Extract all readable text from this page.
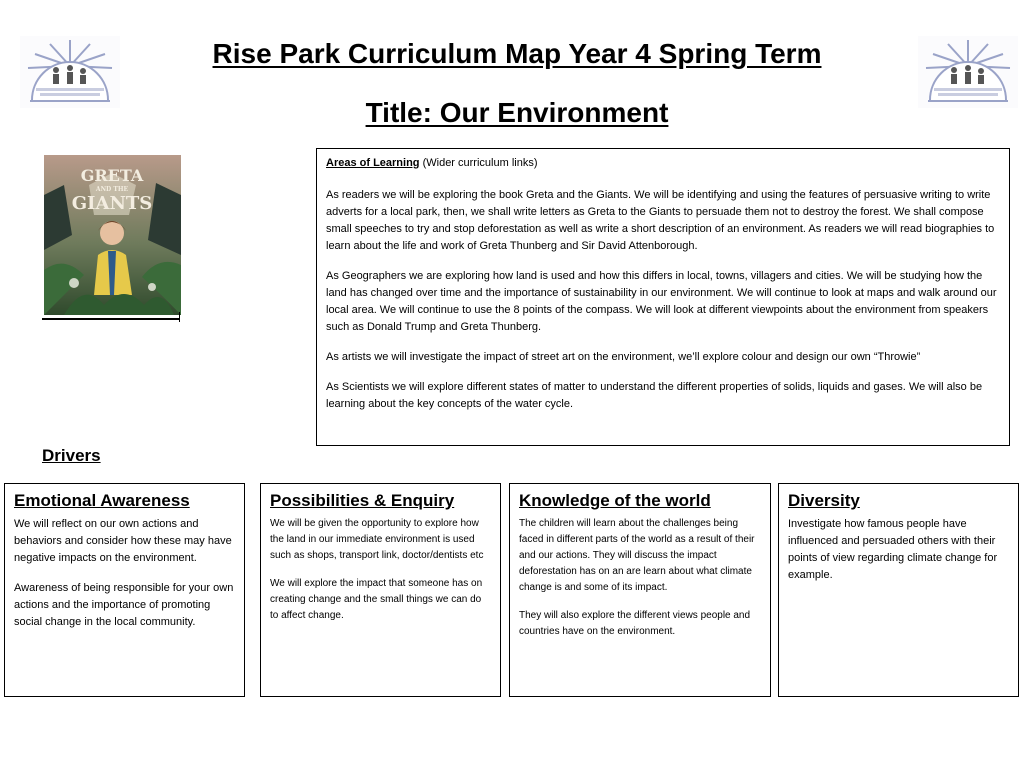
Rise Park Curriculum Map Year 4 Spring Term
Title: Our Environment
GRETA
AND THE
GIANTS

Areas of Learning (Wider curriculum links)

As readers we will be exploring the book Greta and the Giants. We will be identifying and using the features of persuasive writing to write adverts for a local park, then, we shall write letters as Greta to the Giants to persuade them not to destroy the forest. We shall compose small speeches to try and stop deforestation as well as write a short description of an environment. As readers we will read biographies to learn about the life and work of Greta Thunberg and Sir David Attenborough.

As Geographers we are exploring how land is used and how this differs in local, towns, villagers and cities. We will be studying how the land has changed over time and the importance of sustainability in our environment. We will continue to look at maps and walk around our local area. We will continue to use the 8 points of the compass. We will look at different viewpoints about the environment from speakers such as Donald Trump and Greta Thunberg.

As artists we will investigate the impact of street art on the environment, we’ll explore colour and design our own “Throwie”

As Scientists we will explore different states of matter to understand the different properties of solids, liquids and gases. We will also be learning about the key concepts of the water cycle.

Drivers
Emotional Awareness

We will reflect on our own actions and behaviors and consider how these may have negative impacts on the environment.

Awareness of being responsible for your own actions and the importance of promoting social change in the local community.

Possibilities & Enquiry

We will be given the opportunity to explore how the land in our immediate environment is used such as shops, transport link, doctor/dentists etc

We will explore the impact that someone has on creating change and the small things we can do to affect change.

Knowledge of the world

The children will learn about the challenges being faced in different parts of the world as a result of their and our actions. They will discuss the impact deforestation has on an are learn about what climate change is and some of its impact.

They will also explore the different views people and countries have on the environment.

Diversity

Investigate how famous people have influenced and persuaded others with their points of view regarding climate change for example.
